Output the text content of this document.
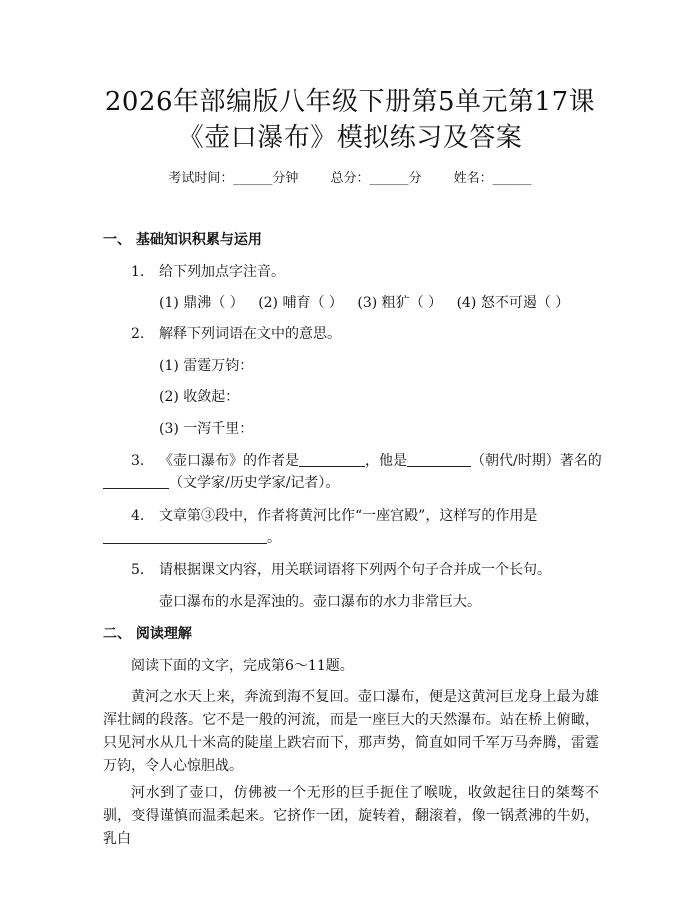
2026年部编版八年级下册第5单元第17课
《壶口瀑布》模拟练习及答案
考试时间：______分钟 总分：______分 姓名：______
一、 基础知识积累与运用
1. 给下列加点字注音。
(1) 鼎沸（ ） (2) 哺育（ ） (3) 粗犷（ ） (4) 怒不可遏（ ）
2. 解释下列词语在文中的意思。
(1) 雷霆万钧：
(2) 收敛起：
(3) 一泻千里：
3. 《壶口瀑布》的作者是	，他是	（朝代/时期）著名的
（文学家/历史学家/记者）。
4. 文章第③段中，作者将黄河比作“一座宫殿”，这样写的作用是
。
5. 请根据课文内容，用关联词语将下列两个句子合并成一个长句。
壶口瀑布的水是浑浊的。壶口瀑布的水力非常巨大。
二、 阅读理解
阅读下面的文字，完成第6～11题。
黄河之水天上来，奔流到海不复回。壶口瀑布，便是这黄河巨龙身上最为雄浑壮阔的段落。它不是一般的河流，而是一座巨大的天然瀑布。站在桥上俯瞰，只见河水从几十米高的陡崖上跌宕而下，那声势，简直如同千军万马奔腾，雷霆万钧，令人心惊胆战。
河水到了壶口，仿佛被一个无形的巨手扼住了喉咙，收敛起往日的桀骜不驯，变得谨慎而温柔起来。它挤作一团，旋转着，翻滚着，像一锅煮沸的牛奶，乳白
